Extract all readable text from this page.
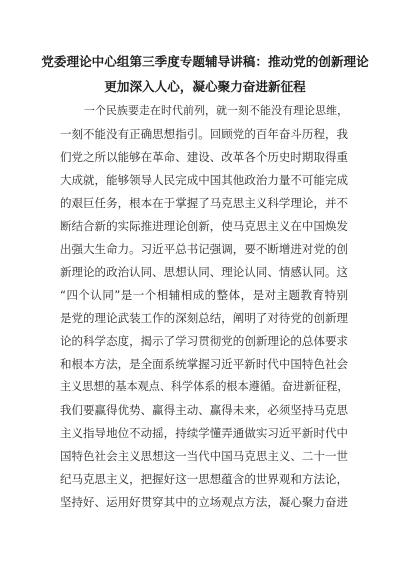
党委理论中心组第三季度专题辅导讲稿：推动党的创新理论
更加深入人心，凝心聚力奋进新征程
一个民族要走在时代前列，就一刻不能没有理论思维，
一刻不能没有正确思想指引。回顾党的百年奋斗历程，我
们党之所以能够在革命、建设、改革各个历史时期取得重
大成就，能够领导人民完成中国其他政治力量不可能完成
的艰巨任务，根本在于掌握了马克思主义科学理论，并不
断结合新的实际推进理论创新，使马克思主义在中国焕发
出强大生命力。习近平总书记强调，要不断增进对党的创
新理论的政治认同、思想认同、理论认同、情感认同。这
“四个认同”是一个相辅相成的整体，是对主题教育特别
是党的理论武装工作的深刻总结，阐明了对待党的创新理
论的科学态度，揭示了学习贯彻党的创新理论的总体要求
和根本方法，是全面系统掌握习近平新时代中国特色社会
主义思想的基本观点、科学体系的根本遵循。奋进新征程，
我们要赢得优势、赢得主动、赢得未来，必须坚持马克思
主义指导地位不动摇，持续学懂弄通做实习近平新时代中
国特色社会主义思想这一当代中国马克思主义、二十一世
纪马克思主义，把握好这一思想蕴含的世界观和方法论，
坚持好、运用好贯穿其中的立场观点方法，凝心聚力奋进
